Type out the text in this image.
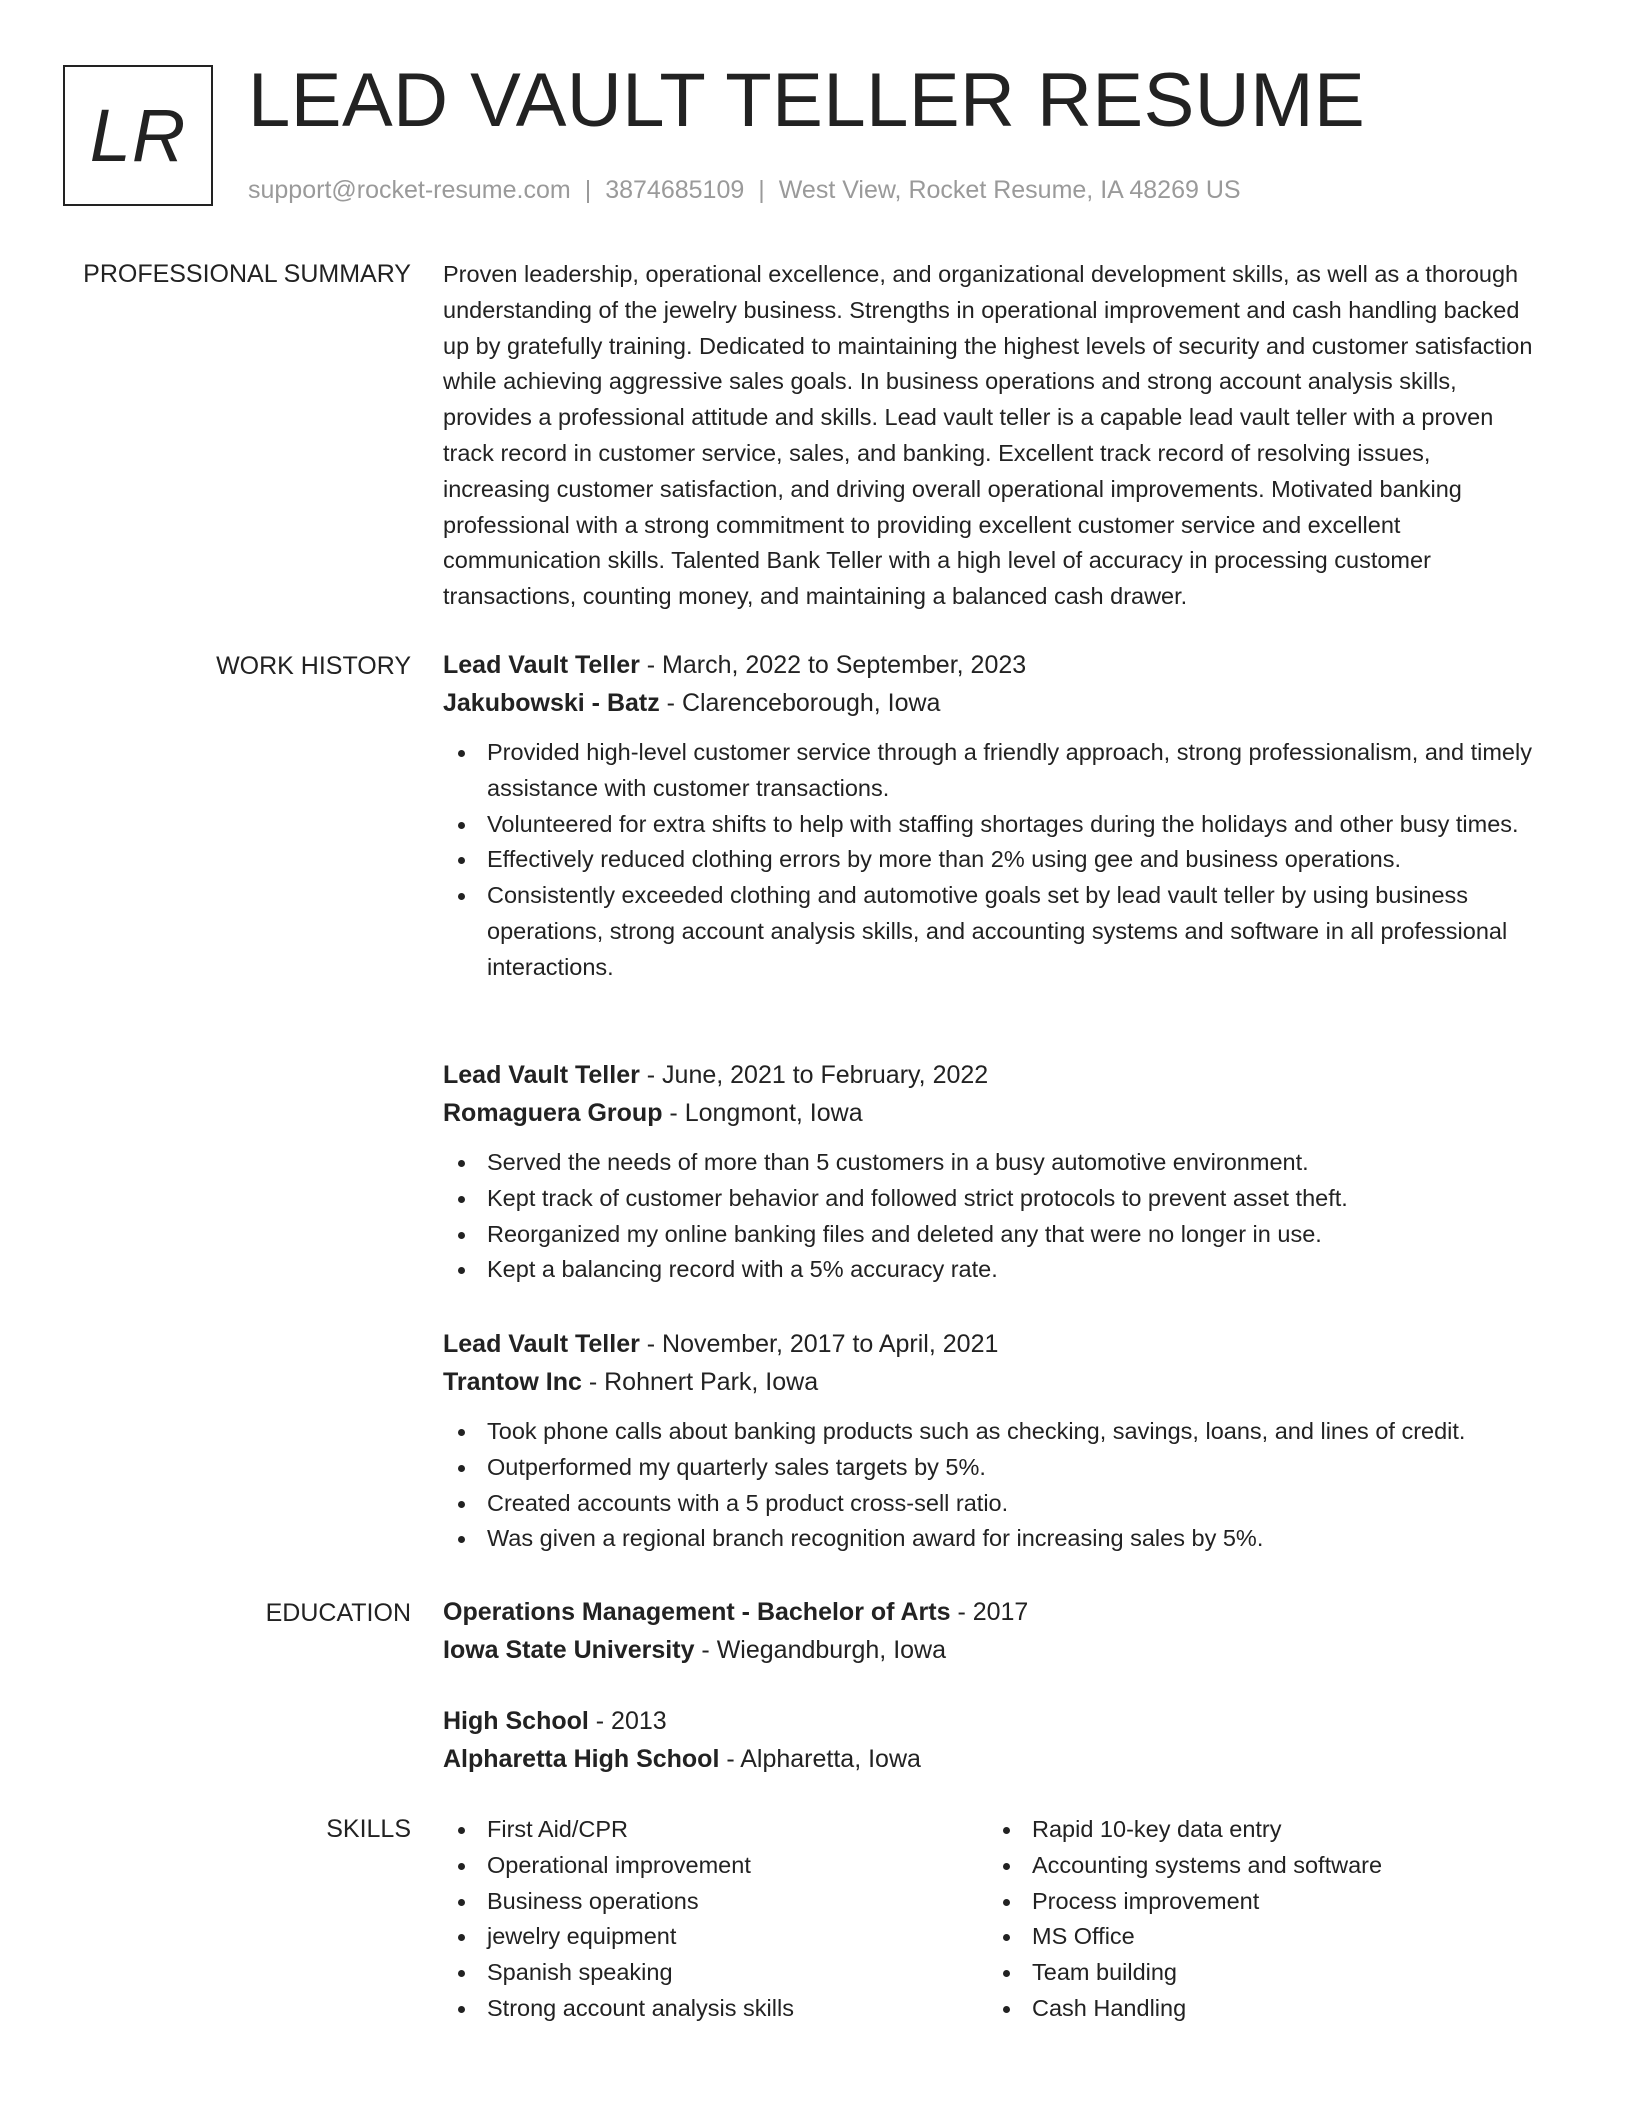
LR LEAD VAULT TELLER RESUME
support@rocket-resume.com | 3874685109 | West View, Rocket Resume, IA 48269 US
PROFESSIONAL SUMMARY Proven leadership, operational excellence, and organizational development skills, as well as a thorough understanding of the jewelry business. Strengths in operational improvement and cash handling backed up by gratefully training. Dedicated to maintaining the highest levels of security and customer satisfaction while achieving aggressive sales goals. In business operations and strong account analysis skills, provides a professional attitude and skills. Lead vault teller is a capable lead vault teller with a proven track record in customer service, sales, and banking. Excellent track record of resolving issues, increasing customer satisfaction, and driving overall operational improvements. Motivated banking professional with a strong commitment to providing excellent customer service and excellent communication skills. Talented Bank Teller with a high level of accuracy in processing customer transactions, counting money, and maintaining a balanced cash drawer.

WORK HISTORY Lead Vault Teller - March, 2022 to September, 2023
Jakubowski - Batz - Clarenceborough, Iowa
Provided high-level customer service through a friendly approach, strong professionalism, and timely assistance with customer transactions.
Volunteered for extra shifts to help with staffing shortages during the holidays and other busy times.
Effectively reduced clothing errors by more than 2% using gee and business operations.
Consistently exceeded clothing and automotive goals set by lead vault teller by using business operations, strong account analysis skills, and accounting systems and software in all professional interactions.
Lead Vault Teller - June, 2021 to February, 2022
Romaguera Group - Longmont, Iowa
Served the needs of more than 5 customers in a busy automotive environment.
Kept track of customer behavior and followed strict protocols to prevent asset theft.
Reorganized my online banking files and deleted any that were no longer in use.
Kept a balancing record with a 5% accuracy rate.
Lead Vault Teller - November, 2017 to April, 2021
Trantow Inc - Rohnert Park, Iowa
Took phone calls about banking products such as checking, savings, loans, and lines of credit.
Outperformed my quarterly sales targets by 5%.
Created accounts with a 5 product cross-sell ratio.
Was given a regional branch recognition award for increasing sales by 5%.
EDUCATION Operations Management - Bachelor of Arts - 2017
Iowa State University - Wiegandburgh, Iowa
High School - 2013
Alpharetta High School - Alpharetta, Iowa
SKILLS	First Aid/CPR
Operational improvement
Business operations
jewelry equipment
Spanish speaking
Strong account analysis skills
Rapid 10-key data entry
Accounting systems and software
Process improvement
MS Office
Team building
Cash Handling
